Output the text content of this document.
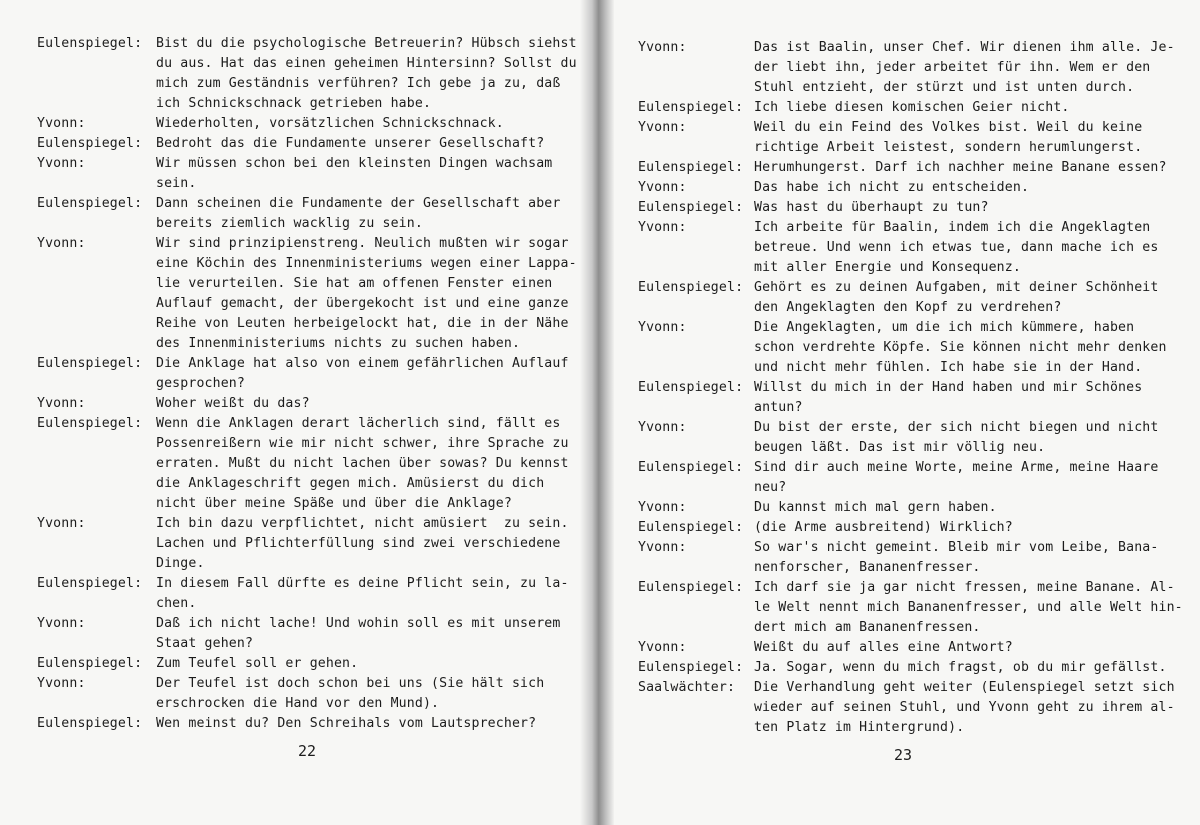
Eulenspiegel: Bist du die psychologische Betreuerin? Hübsch siehst
du aus. Hat das einen geheimen Hintersinn? Sollst du
mich zum Geständnis verführen? Ich gebe ja zu, daß
ich Schnickschnack getrieben habe.
Yvonn:	Wiederholten, vorsätzlichen Schnickschnack.
Eulenspiegel: Bedroht das die Fundamente unserer Gesellschaft?
Yvonn:	Wir müssen schon bei den kleinsten Dingen wachsam
sein.
Eulenspiegel: Dann scheinen die Fundamente der Gesellschaft aber
bereits ziemlich wacklig zu sein.
Yvonn:	Wir sind prinzipienstreng. Neulich mußten wir sogar
eine Köchin des Innenministeriums wegen einer Lappa-
lie verurteilen. Sie hat am offenen Fenster einen
Auflauf gemacht, der übergekocht ist und eine ganze
Reihe von Leuten herbeigelockt hat, die in der Nähe
des Innenministeriums nichts zu suchen haben.
Eulenspiegel: Die Anklage hat also von einem gefährlichen Auflauf
gesprochen?
Yvonn:	Woher weißt du das?
Eulenspiegel: Wenn die Anklagen derart lächerlich sind, fällt es
Possenreißern wie mir nicht schwer, ihre Sprache zu
erraten. Mußt du nicht lachen über sowas? Du kennst
die Anklageschrift gegen mich. Amüsierst du dich
nicht über meine Späße und über die Anklage?
Yvonn:	Ich bin dazu verpflichtet, nicht amüsiert  zu sein.
Lachen und Pflichterfüllung sind zwei verschiedene
Dinge.
Eulenspiegel: In diesem Fall dürfte es deine Pflicht sein, zu la-
chen.
Yvonn:	Daß ich nicht lache! Und wohin soll es mit unserem
Staat gehen?
Eulenspiegel: Zum Teufel soll er gehen.
Yvonn:	Der Teufel ist doch schon bei uns (Sie hält sich
erschrocken die Hand vor den Mund).
Eulenspiegel: Wen meinst du? Den Schreihals vom Lautsprecher?
22
Yvonn:	Das ist Baalin, unser Chef. Wir dienen ihm alle. Je-
der liebt ihn, jeder arbeitet für ihn. Wem er den
Stuhl entzieht, der stürzt und ist unten durch.
Eulenspiegel: Ich liebe diesen komischen Geier nicht.
Yvonn:	Weil du ein Feind des Volkes bist. Weil du keine
richtige Arbeit leistest, sondern herumlungerst.
Eulenspiegel: Herumhungerst. Darf ich nachher meine Banane essen?
Yvonn:	Das habe ich nicht zu entscheiden.
Eulenspiegel: Was hast du überhaupt zu tun?
Yvonn:	Ich arbeite für Baalin, indem ich die Angeklagten
betreue. Und wenn ich etwas tue, dann mache ich es
mit aller Energie und Konsequenz.
Eulenspiegel: Gehört es zu deinen Aufgaben, mit deiner Schönheit
den Angeklagten den Kopf zu verdrehen?
Yvonn:	Die Angeklagten, um die ich mich kümmere, haben
schon verdrehte Köpfe. Sie können nicht mehr denken
und nicht mehr fühlen. Ich habe sie in der Hand.
Eulenspiegel: Willst du mich in der Hand haben und mir Schönes
antun?
Yvonn:	Du bist der erste, der sich nicht biegen und nicht
beugen läßt. Das ist mir völlig neu.
Eulenspiegel: Sind dir auch meine Worte, meine Arme, meine Haare
neu?
Yvonn:	Du kannst mich mal gern haben.
Eulenspiegel: (die Arme ausbreitend) Wirklich?
Yvonn:	So war's nicht gemeint. Bleib mir vom Leibe, Bana-
nenforscher, Bananenfresser.
Eulenspiegel: Ich darf sie ja gar nicht fressen, meine Banane. Al-
le Welt nennt mich Bananenfresser, und alle Welt hin-
dert mich am Bananenfressen.
Yvonn:	Weißt du auf alles eine Antwort?
Eulenspiegel: Ja. Sogar, wenn du mich fragst, ob du mir gefällst.
Saalwächter: Die Verhandlung geht weiter (Eulenspiegel setzt sich
wieder auf seinen Stuhl, und Yvonn geht zu ihrem al-
ten Platz im Hintergrund).
23
